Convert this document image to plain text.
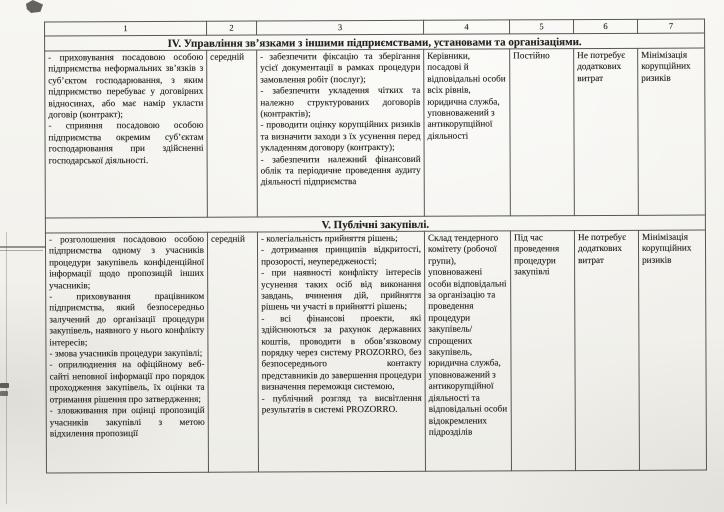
1	2	3	4	5	6	7
IV. Управління зв’язками з іншими підприємствами, установами та організаціями.						
- приховування посадовою особою підприємства неформальних зв’язків з суб’єктом господарювання, з яким підприємство перебуває у договірних відносинах, або має намір укласти договір (контракт);
- сприяння посадовою особою підприємства окремим суб’єктам господарювання при здійсненні господарської діяльності.	середній	- забезпечити фіксацію та зберігання усієї документації в рамках процедури замовлення робіт (послуг);
- забезпечити укладення чітких та належно структурованих договорів (контрактів);
- проводити оцінку корупційних ризиків та визначити заходи з їх усунення перед укладенням договору (контракту);
- забезпечити належний фінансовий облік та періодичне проведення аудиту діяльності підприємства	Керівники, посадові й відповідальні особи всіх рівнів, юридична служба, уповноважений з антикорупційної діяльності	Постійно	Не потребує додаткових витрат	Мінімізація корупційних ризиків
V. Публічні закупівлі.						
- розголошення посадовою особою підприємства одному з учасників процедури закупівель конфіденційної інформації щодо пропозицій інших учасників;
- приховування працівником підприємства, який безпосередньо залучений до організації процедури закупівель, наявного у нього конфлікту інтересів;
- змова учасників процедури закупівлі;
- оприлюднення на офіційному веб-сайті неповної інформації про порядок проходження закупівель, їх оцінки та отримання рішення про затвердження;
- зловживання при оцінці пропозицій учасників закупівлі з метою відхилення пропозиції	середній	- колегіальність прийняття рішень;
- дотримання принципів відкритості, прозорості, неупередженості;
- при наявності конфлікту інтересів усунення таких осіб від виконання завдань, вчинення дій, прийняття рішень чи участі в прийнятті рішень;
- всі фінансові проекти, які здійснюються за рахунок державних коштів, проводити в обов’язковому порядку через систему PROZORRO, без безпосереднього контакту представників до завершення процедури визначення переможця системою,
- публічний розгляд та висвітлення результатів в системі PROZORRO.	Склад тендерного комітету (робочої групи), уповноважені особи відповідальні за організацію та проведення процедури закупівель/ спрощених закупівель, юридична служба, уповноважений з антикорупційної діяльності та відповідальні особи відокремлених підрозділів	Під час проведення процедури закупівлі	Не потребує додаткових витрат	Мінімізація корупційних ризиків
